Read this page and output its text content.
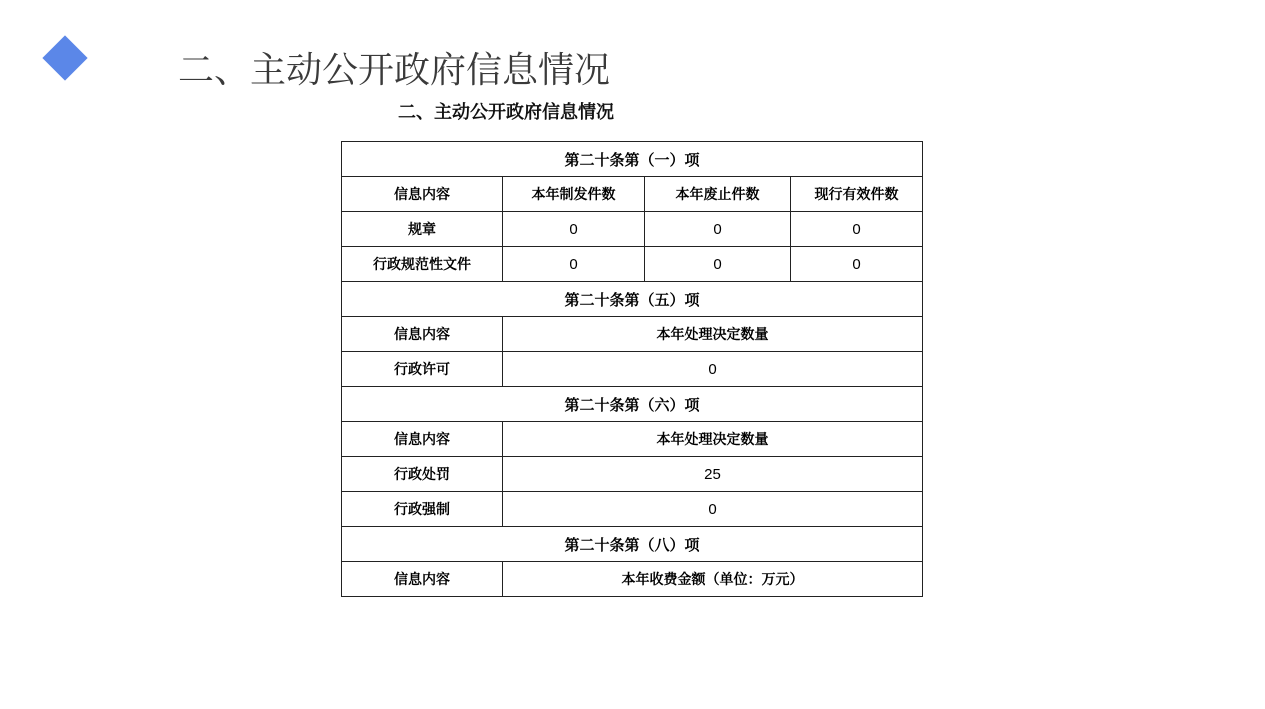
二、主动公开政府信息情况
二、主动公开政府信息情况
第二十条第（一）项			
信息内容	本年制发件数	本年废止件数	现行有效件数
规章	0	0	0
行政规范性文件	0	0	0
第二十条第（五）项			
信息内容	本年处理决定数量		
行政许可	0		
第二十条第（六）项			
信息内容	本年处理决定数量		
行政处罚	25		
行政强制	0		
第二十条第（八）项			
信息内容	本年收费金额（单位：万元）		
